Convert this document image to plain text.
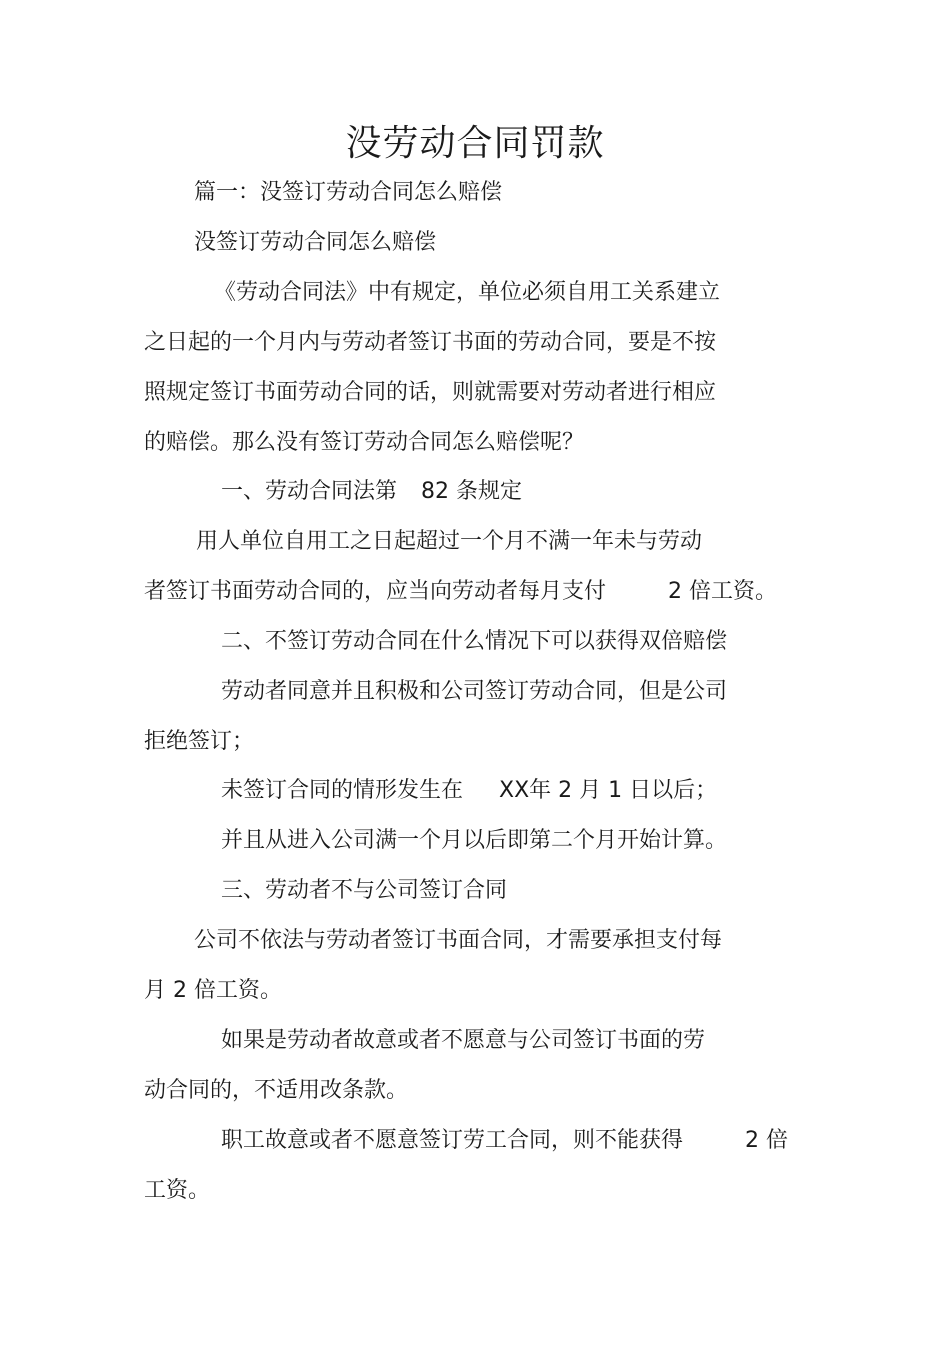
没劳动合同罚款

篇一：没签订劳动合同怎么赔偿

没签订劳动合同怎么赔偿

《劳动合同法》中有规定，单位必须自用工关系建立

之日起的一个月内与劳动者签订书面的劳动合同，要是不按

照规定签订书面劳动合同的话，则就需要对劳动者进行相应

的赔偿。那么没有签订劳动合同怎么赔偿呢？

一、劳动合同法第 82 条规定

用人单位自用工之日起超过一个月不满一年未与劳动

者签订书面劳动合同的，应当向劳动者每月支付	2 倍工资。

二、不签订劳动合同在什么情况下可以获得双倍赔偿

劳动者同意并且积极和公司签订劳动合同，但是公司

拒绝签订；

未签订合同的情形发生在 XX年 2 月 1 日以后；

并且从进入公司满一个月以后即第二个月开始计算。

三、劳动者不与公司签订合同

公司不依法与劳动者签订书面合同，才需要承担支付每

月 2 倍工资。

如果是劳动者故意或者不愿意与公司签订书面的劳

动合同的，不适用改条款。

职工故意或者不愿意签订劳工合同，则不能获得	2 倍

工资。
